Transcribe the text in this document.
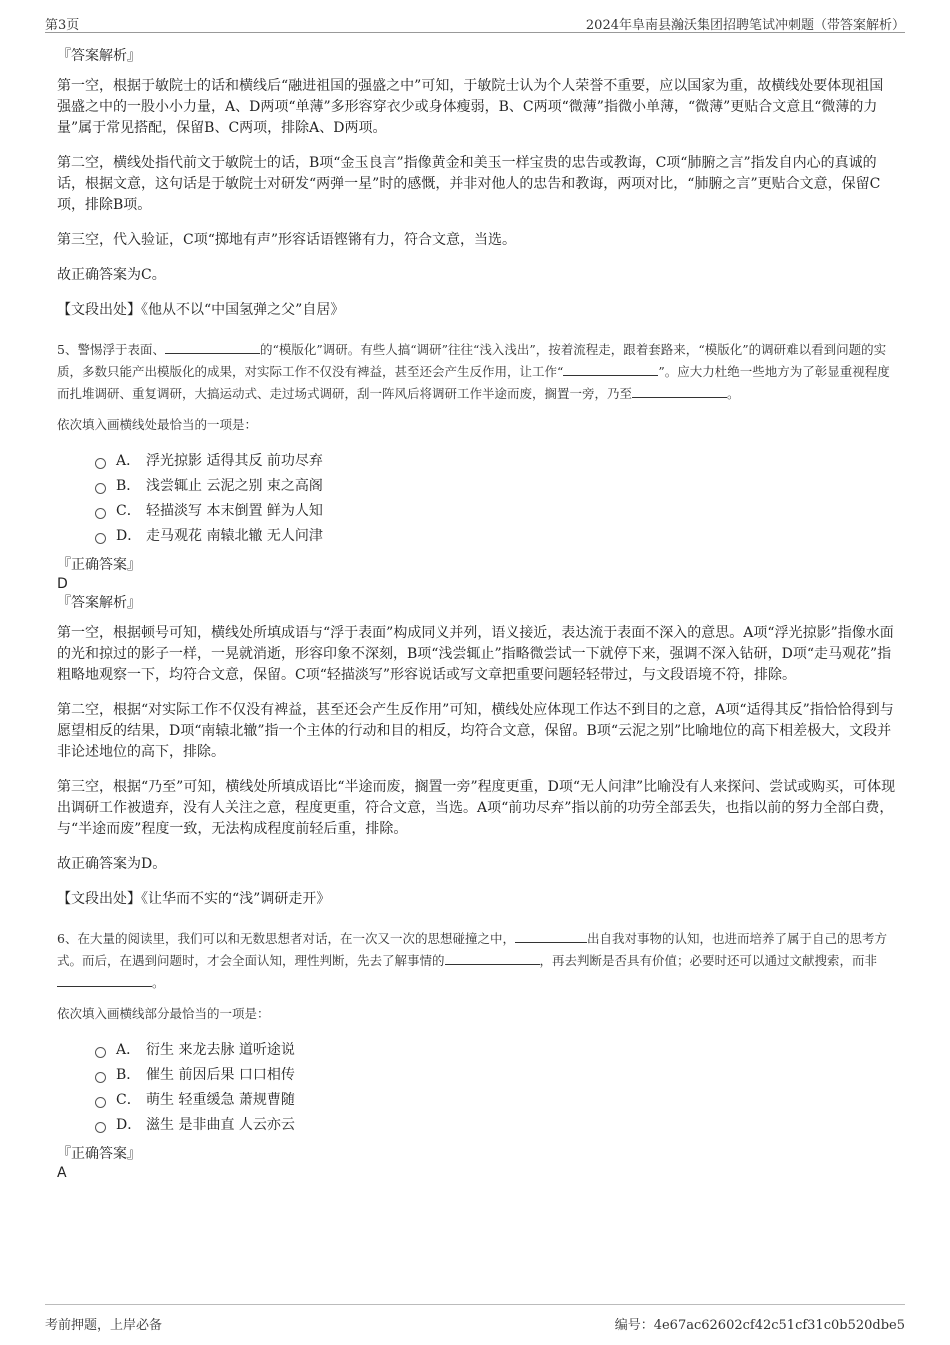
第3页	2024年阜南县瀚沃集团招聘笔试冲刺题（带答案解析）
『答案解析』

第一空，根据于敏院士的话和横线后“融进祖国的强盛之中”可知，于敏院士认为个人荣誉不重要，应以国家为重，故横线处要体现祖国强盛之中的一股小小力量，A、D两项“单薄”多形容穿衣少或身体瘦弱，B、C两项“微薄”指微小单薄，“微薄”更贴合文意且“微薄的力量”属于常见搭配，保留B、C两项，排除A、D两项。

第二空，横线处指代前文于敏院士的话，B项“金玉良言”指像黄金和美玉一样宝贵的忠告或教诲，C项“肺腑之言”指发自内心的真诚的话，根据文意，这句话是于敏院士对研发“两弹一星”时的感慨，并非对他人的忠告和教诲，两项对比，“肺腑之言”更贴合文意，保留C项，排除B项。

第三空，代入验证，C项“掷地有声”形容话语铿锵有力，符合文意，当选。

故正确答案为C。

【文段出处】《他从不以“中国氢弹之父”自居》

5、警惕浮于表面、	的“模版化”调研。有些人搞“调研”往往“浅入浅出”，按着流程走，跟着套路来，“模版化”的调研难以看到问题的实质，多数只能产出模版化的成果，对实际工作不仅没有裨益，甚至还会产生反作用，让工作“	”。应大力杜绝一些地方为了彰显重视程度而扎堆调研、重复调研，大搞运动式、走过场式调研，刮一阵风后将调研工作半途而废，搁置一旁，乃至	。
依次填入画横线处最恰当的一项是：
A． 浮光掠影 适得其反 前功尽弃
B． 浅尝辄止 云泥之别 束之高阁
C． 轻描淡写 本末倒置 鲜为人知
D． 走马观花 南辕北辙 无人问津
『正确答案』
D
『答案解析』

第一空，根据顿号可知，横线处所填成语与“浮于表面”构成同义并列，语义接近，表达流于表面不深入的意思。A项“浮光掠影”指像水面的光和掠过的影子一样，一晃就消逝，形容印象不深刻，B项“浅尝辄止”指略微尝试一下就停下来，强调不深入钻研，D项“走马观花”指粗略地观察一下，均符合文意，保留。C项“轻描淡写”形容说话或写文章把重要问题轻轻带过，与文段语境不符，排除。

第二空，根据“对实际工作不仅没有裨益，甚至还会产生反作用”可知，横线处应体现工作达不到目的之意，A项“适得其反”指恰恰得到与愿望相反的结果，D项“南辕北辙”指一个主体的行动和目的相反，均符合文意，保留。B项“云泥之别”比喻地位的高下相差极大，文段并非论述地位的高下，排除。

第三空，根据“乃至”可知，横线处所填成语比“半途而废，搁置一旁”程度更重，D项“无人问津”比喻没有人来探问、尝试或购买，可体现出调研工作被遗弃，没有人关注之意，程度更重，符合文意，当选。A项“前功尽弃”指以前的功劳全部丢失，也指以前的努力全部白费，与“半途而废”程度一致，无法构成程度前轻后重，排除。

故正确答案为D。

【文段出处】《让华而不实的“浅”调研走开》

6、在大量的阅读里，我们可以和无数思想者对话，在一次又一次的思想碰撞之中，	出自我对事物的认知，也进而培养了属于自己的思考方式。而后，在遇到问题时，才会全面认知，理性判断，先去了解事情的	，再去判断是否具有价值；必要时还可以通过文献搜索，而非。
依次填入画横线部分最恰当的一项是：
A． 衍生 来龙去脉 道听途说
B． 催生 前因后果 口口相传
C． 萌生 轻重缓急 萧规曹随
D． 滋生 是非曲直 人云亦云
『正确答案』
A
考前押题，上岸必备	编号：4e67ac62602cf42c51cf31c0b520dbe5
